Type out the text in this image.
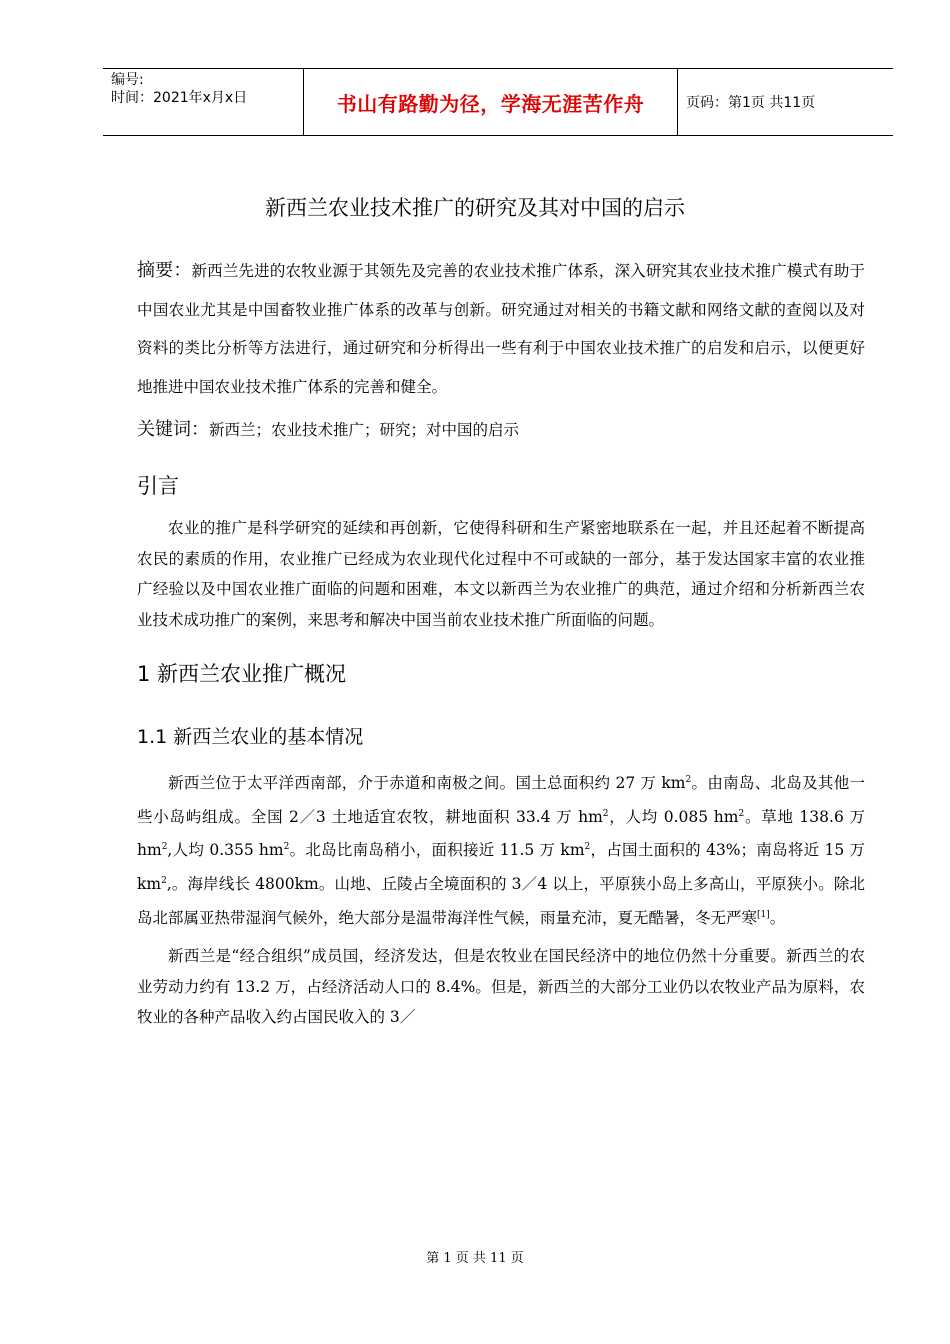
编号:
时间：2021年x月x日	书山有路勤为径，学海无涯苦作舟	页码：第1页 共11页
新西兰农业技术推广的研究及其对中国的启示

摘要：新西兰先进的农牧业源于其领先及完善的农业技术推广体系，深入研究其农业技术推广模式有助于中国农业尤其是中国畜牧业推广体系的改革与创新。研究通过对相关的书籍文献和网络文献的查阅以及对资料的类比分析等方法进行，通过研究和分析得出一些有利于中国农业技术推广的启发和启示，以便更好地推进中国农业技术推广体系的完善和健全。

关键词：新西兰；农业技术推广；研究；对中国的启示

引言

农业的推广是科学研究的延续和再创新，它使得科研和生产紧密地联系在一起，并且还起着不断提高农民的素质的作用，农业推广已经成为农业现代化过程中不可或缺的一部分，基于发达国家丰富的农业推广经验以及中国农业推广面临的问题和困难，本文以新西兰为农业推广的典范，通过介绍和分析新西兰农业技术成功推广的案例，来思考和解决中国当前农业技术推广所面临的问题。

1 新西兰农业推广概况
1.1 新西兰农业的基本情况

新西兰位于太平洋西南部，介于赤道和南极之间。国土总面积约 27 万 $km^2$。由南岛、北岛及其他一些小岛屿组成。全国 2／3 土地适宜农牧，耕地面积 33.4 万 $hm^2$，人均 0.085 $hm^2$。草地 138.6 万 $hm^2$,人均 0.355 $hm^2$。北岛比南岛稍小，面积接近 11.5 万 $km^2$，占国土面积的 43%；南岛将近 15 万 $km^2$,。海岸线长 4800km。山地、丘陵占全境面积的 3／4 以上，平原狭小岛上多高山，平原狭小。除北岛北部属亚热带湿润气候外，绝大部分是温带海洋性气候，雨量充沛，夏无酷暑，冬无严寒[1]。

新西兰是“经合组织”成员国，经济发达，但是农牧业在国民经济中的地位仍然十分重要。新西兰的农业劳动力约有 13.2 万，占经济活动人口的 8.4%。但是，新西兰的大部分工业仍以农牧业产品为原料，农牧业的各种产品收入约占国民收入的 3／

第 1 页 共 11 页
